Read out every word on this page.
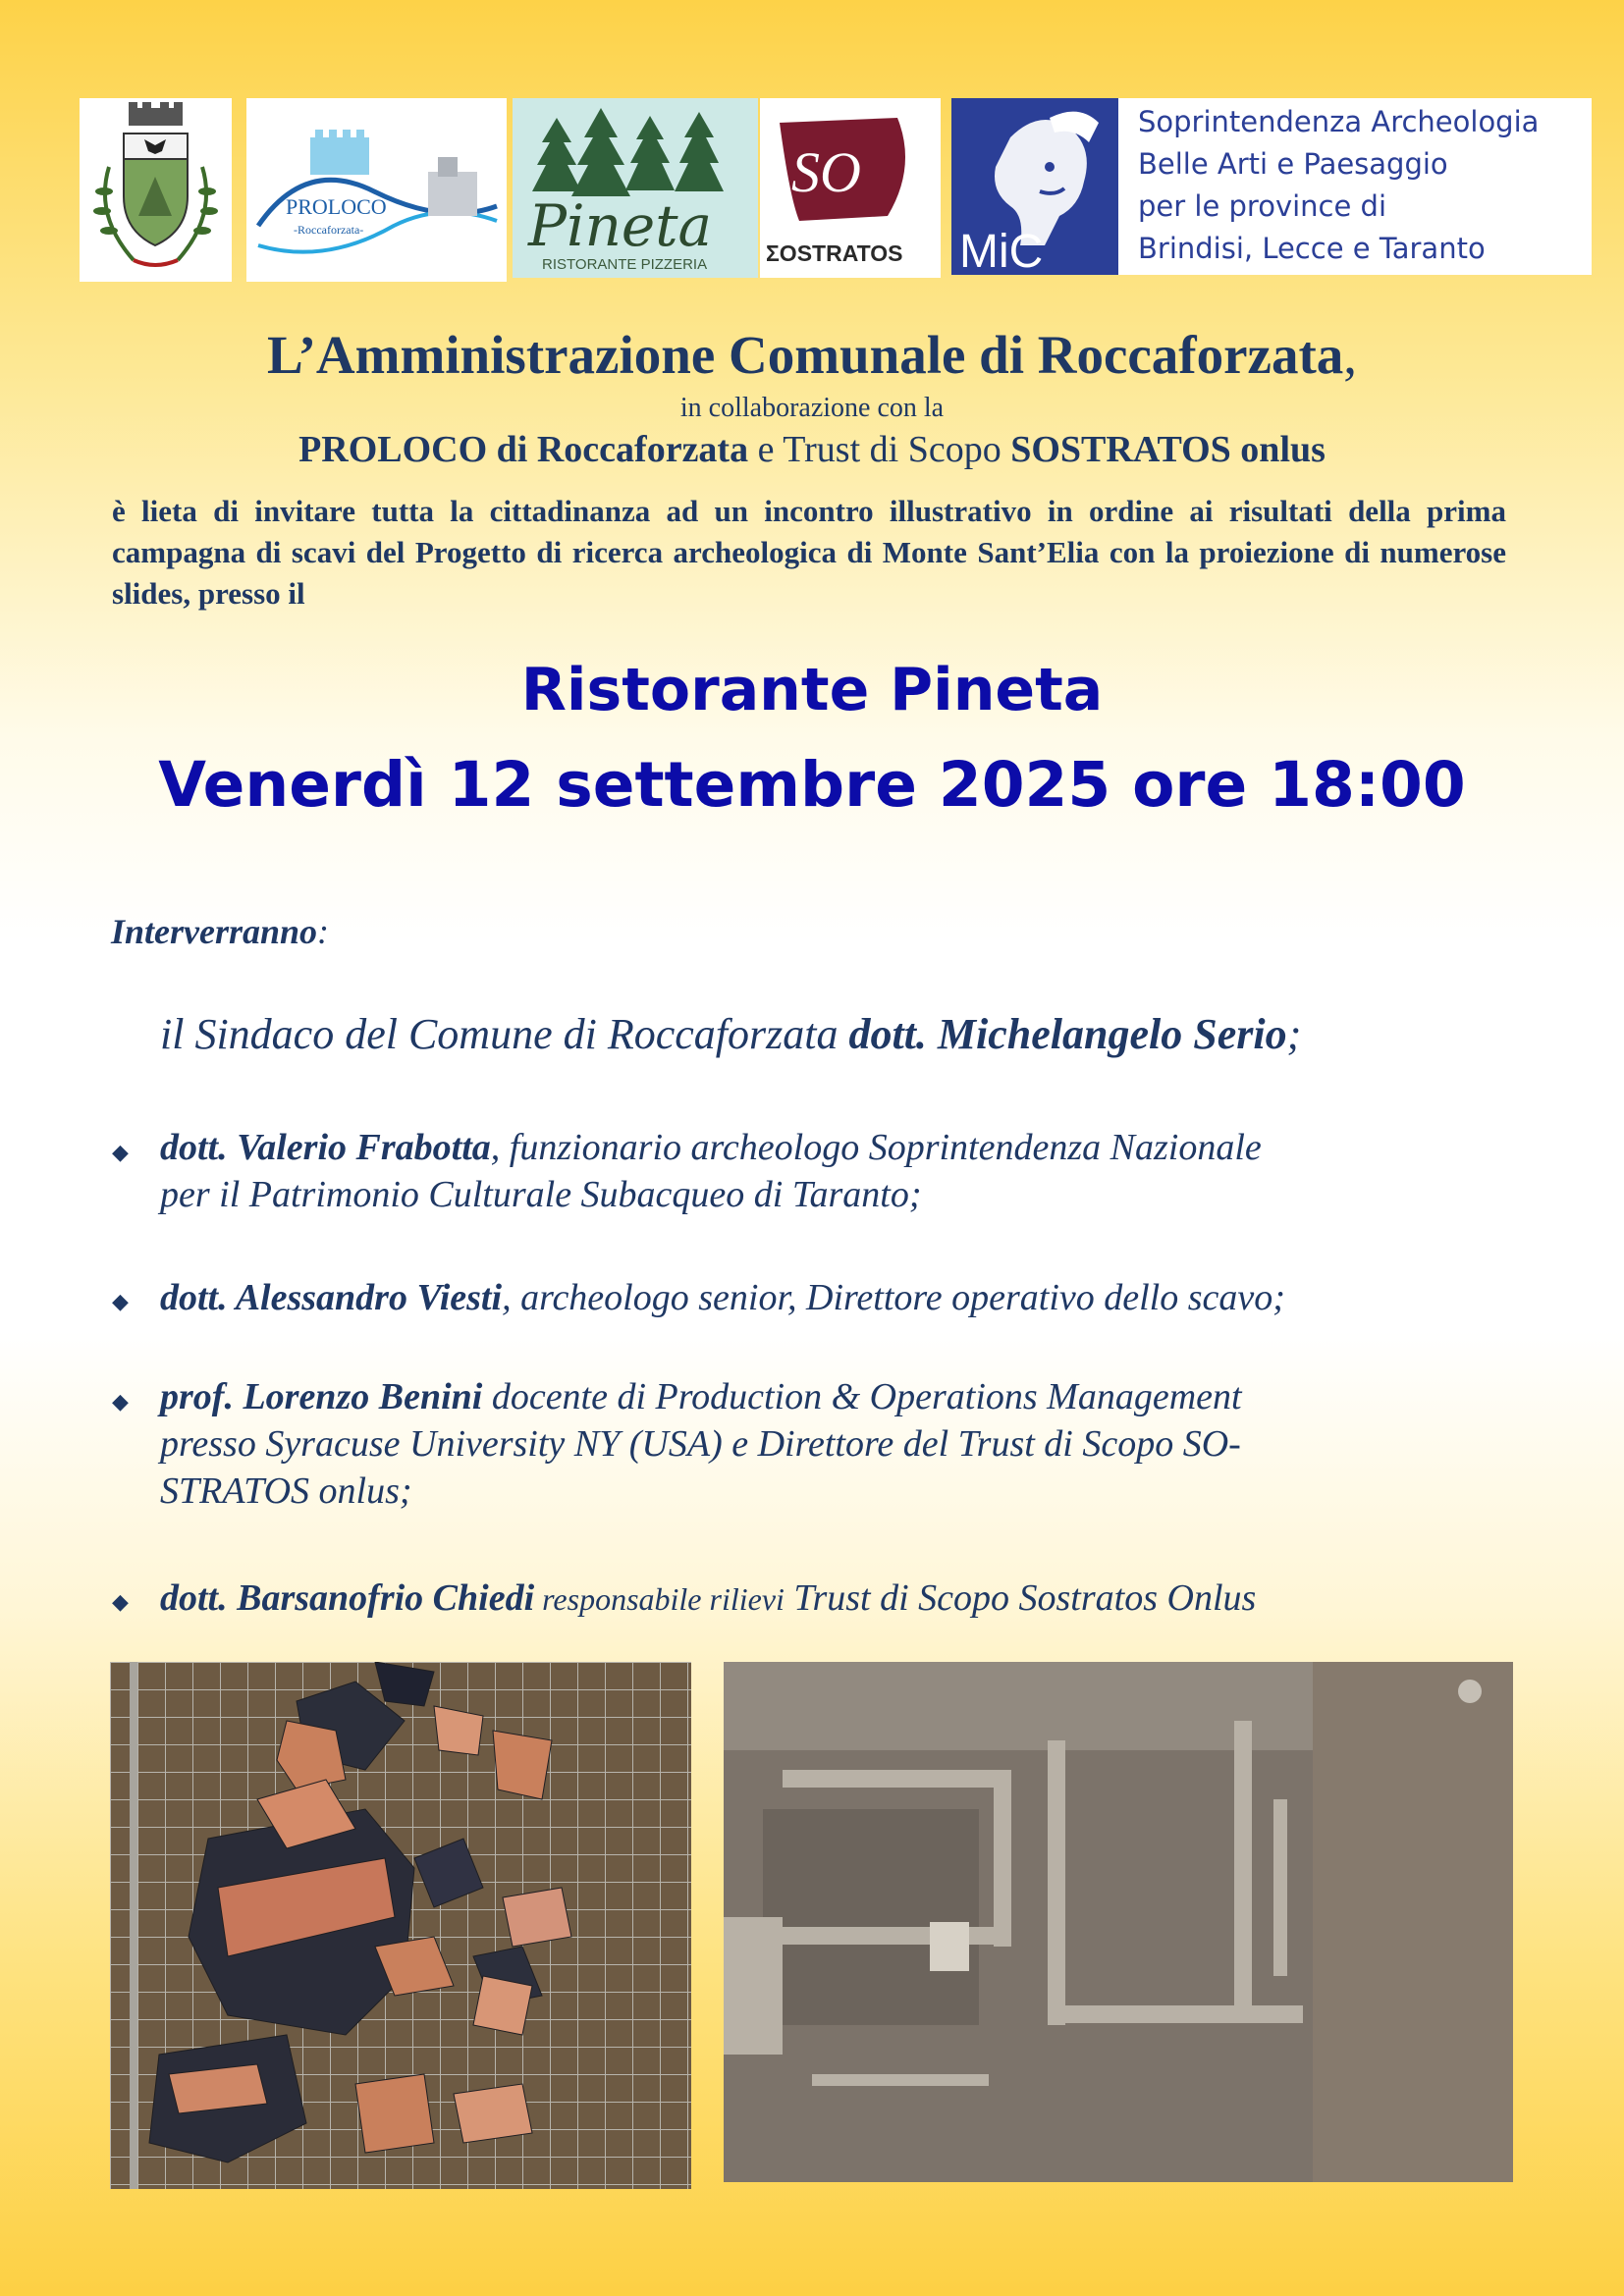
PROLOCO
-Roccaforzata-	Pineta
RISTORANTE PIZZERIA
SO
ΣOSTRATOS MiC
Soprintendenza Archeologia
Belle Arti e Paesaggio
per le province di
Brindisi, Lecce e Taranto
L’Amministrazione Comunale di Roccaforzata,
in collaborazione con la
PROLOCO di Roccaforzata e Trust di Scopo SOSTRATOS onlus
è lieta di invitare tutta la cittadinanza ad un incontro illustrativo in ordine ai risultati della prima campagna di scavi del Progetto di ricerca archeologica di Monte Sant’Elia con la proiezione di numerose slides, presso il
Ristorante Pineta
Venerdì 12 settembre 2025 ore 18:00
Interverranno:
il Sindaco del Comune di Roccaforzata dott. Michelangelo Serio;
◆ dott. Valerio Frabotta, funzionario archeologo Soprintendenza Nazionale
per il Patrimonio Culturale Subacqueo di Taranto;
◆ dott. Alessandro Viesti, archeologo senior, Direttore operativo dello scavo;
◆ prof. Lorenzo Benini docente di Production & Operations Management
presso Syracuse University NY (USA) e Direttore del Trust di Scopo SO-
STRATOS onlus;
◆ dott. Barsanofrio Chiedi responsabile rilievi Trust di Scopo Sostratos Onlus
